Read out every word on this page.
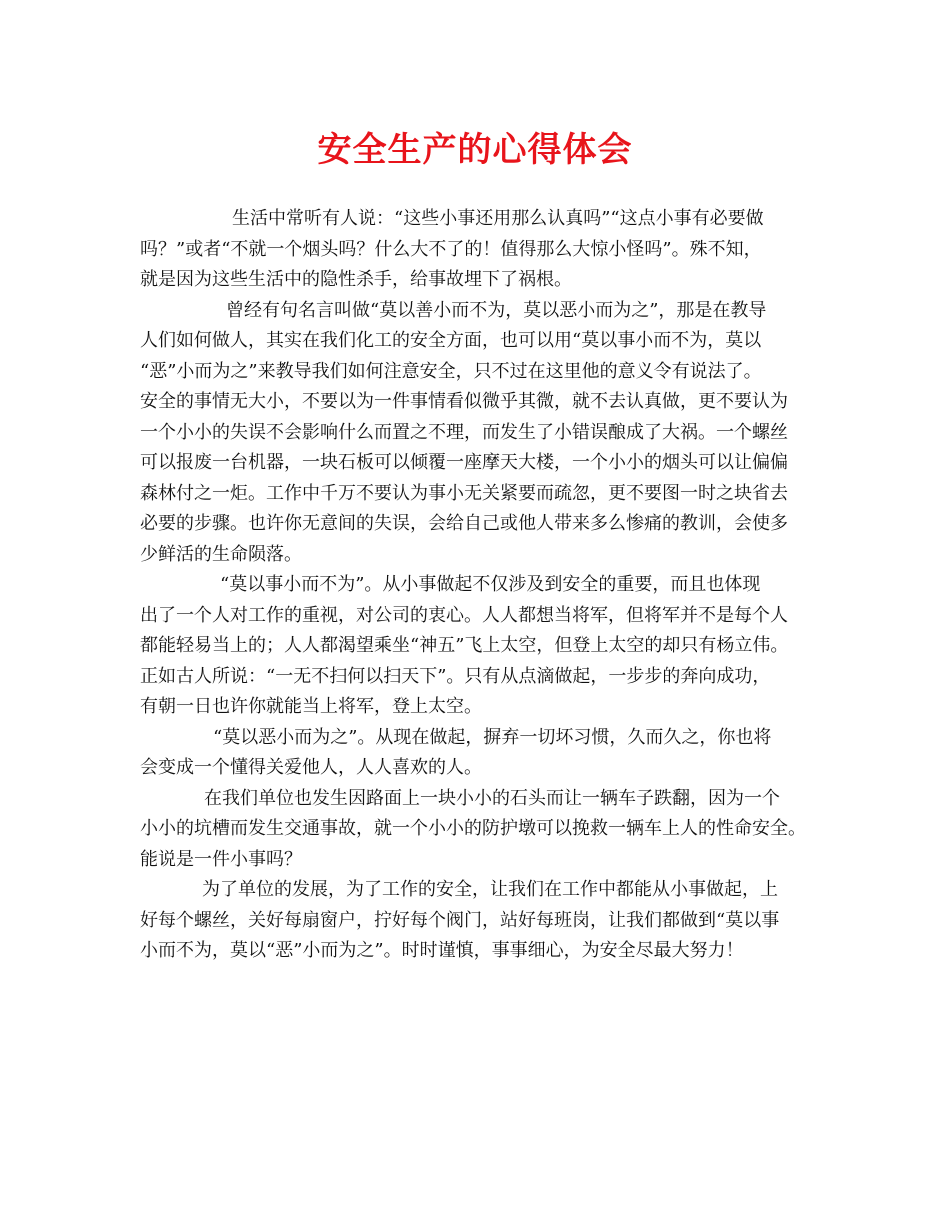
安全生产的心得体会
生活中常听有人说：“这些小事还用那么认真吗”“这点小事有必要做
吗？”或者“不就一个烟头吗？什么大不了的！值得那么大惊小怪吗”。殊不知，
就是因为这些生活中的隐性杀手，给事故埋下了祸根。
曾经有句名言叫做“莫以善小而不为，莫以恶小而为之”，那是在教导
人们如何做人，其实在我们化工的安全方面，也可以用“莫以事小而不为，莫以
“恶”小而为之”来教导我们如何注意安全，只不过在这里他的意义令有说法了。
安全的事情无大小，不要以为一件事情看似微乎其微，就不去认真做，更不要认为
一个小小的失误不会影响什么而置之不理，而发生了小错误酿成了大祸。一个螺丝
可以报废一台机器，一块石板可以倾覆一座摩天大楼，一个小小的烟头可以让偏偏
森林付之一炬。工作中千万不要认为事小无关紧要而疏忽，更不要图一时之块省去
必要的步骤。也许你无意间的失误，会给自己或他人带来多么惨痛的教训，会使多
少鲜活的生命陨落。
“莫以事小而不为”。从小事做起不仅涉及到安全的重要，而且也体现
出了一个人对工作的重视，对公司的衷心。人人都想当将军，但将军并不是每个人
都能轻易当上的；人人都渴望乘坐“神五”飞上太空，但登上太空的却只有杨立伟。
正如古人所说：“一无不扫何以扫天下”。只有从点滴做起，一步步的奔向成功，
有朝一日也许你就能当上将军，登上太空。
“莫以恶小而为之”。从现在做起，摒弃一切坏习惯，久而久之，你也将
会变成一个懂得关爱他人，人人喜欢的人。
在我们单位也发生因路面上一块小小的石头而让一辆车子跌翻，因为一个
小小的坑槽而发生交通事故，就一个小小的防护墩可以挽救一辆车上人的性命安全。
能说是一件小事吗？
为了单位的发展，为了工作的安全，让我们在工作中都能从小事做起，上
好每个螺丝，关好每扇窗户，拧好每个阀门，站好每班岗，让我们都做到“莫以事
小而不为，莫以“恶”小而为之”。时时谨慎，事事细心，为安全尽最大努力！
